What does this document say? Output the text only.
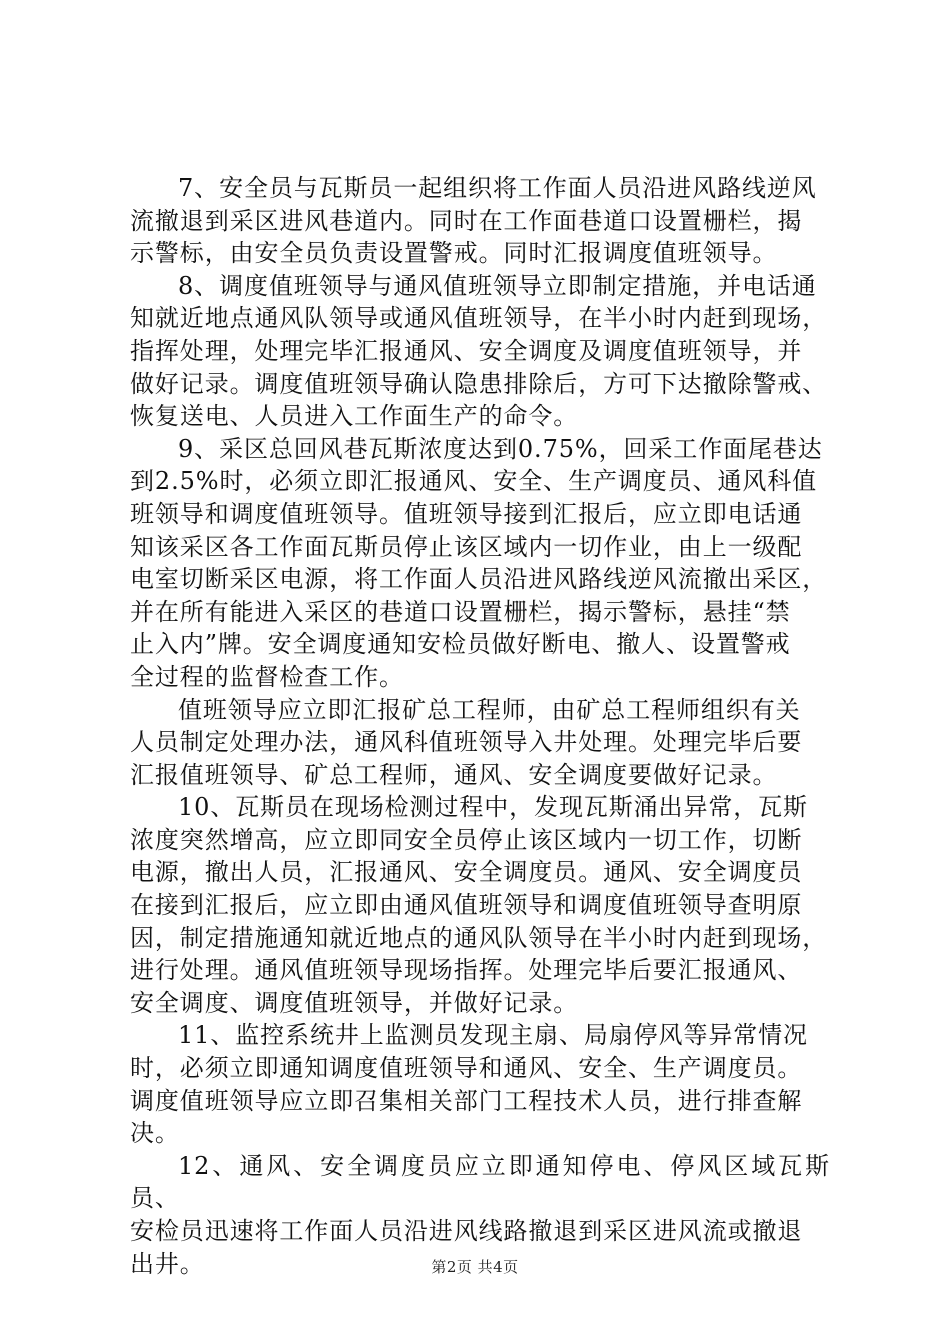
7、安全员与瓦斯员一起组织将工作面人员沿进风路线逆风
流撤退到采区进风巷道内。同时在工作面巷道口设置栅栏，揭
示警标，由安全员负责设置警戒。同时汇报调度值班领导。

8、调度值班领导与通风值班领导立即制定措施，并电话通
知就近地点通风队领导或通风值班领导，在半小时内赶到现场，
指挥处理，处理完毕汇报通风、安全调度及调度值班领导，并
做好记录。调度值班领导确认隐患排除后，方可下达撤除警戒、
恢复送电、人员进入工作面生产的命令。

9、采区总回风巷瓦斯浓度达到0.75%，回采工作面尾巷达
到2.5%时，必须立即汇报通风、安全、生产调度员、通风科值
班领导和调度值班领导。值班领导接到汇报后，应立即电话通
知该采区各工作面瓦斯员停止该区域内一切作业，由上一级配
电室切断采区电源，将工作面人员沿进风路线逆风流撤出采区，
并在所有能进入采区的巷道口设置栅栏，揭示警标，悬挂“禁
止入内”牌。安全调度通知安检员做好断电、撤人、设置警戒
全过程的监督检查工作。

值班领导应立即汇报矿总工程师，由矿总工程师组织有关
人员制定处理办法，通风科值班领导入井处理。处理完毕后要
汇报值班领导、矿总工程师，通风、安全调度要做好记录。

10、瓦斯员在现场检测过程中，发现瓦斯涌出异常，瓦斯
浓度突然增高，应立即同安全员停止该区域内一切工作，切断
电源，撤出人员，汇报通风、安全调度员。通风、安全调度员
在接到汇报后，应立即由通风值班领导和调度值班领导查明原
因，制定措施通知就近地点的通风队领导在半小时内赶到现场，
进行处理。通风值班领导现场指挥。处理完毕后要汇报通风、
安全调度、调度值班领导，并做好记录。

11、监控系统井上监测员发现主扇、局扇停风等异常情况
时，必须立即通知调度值班领导和通风、安全、生产调度员。
调度值班领导应立即召集相关部门工程技术人员，进行排查解
决。

12、通风、安全调度员应立即通知停电、停风区域瓦斯员、
安检员迅速将工作面人员沿进风线路撤退到采区进风流或撤退
出井。	第2页 共4页
